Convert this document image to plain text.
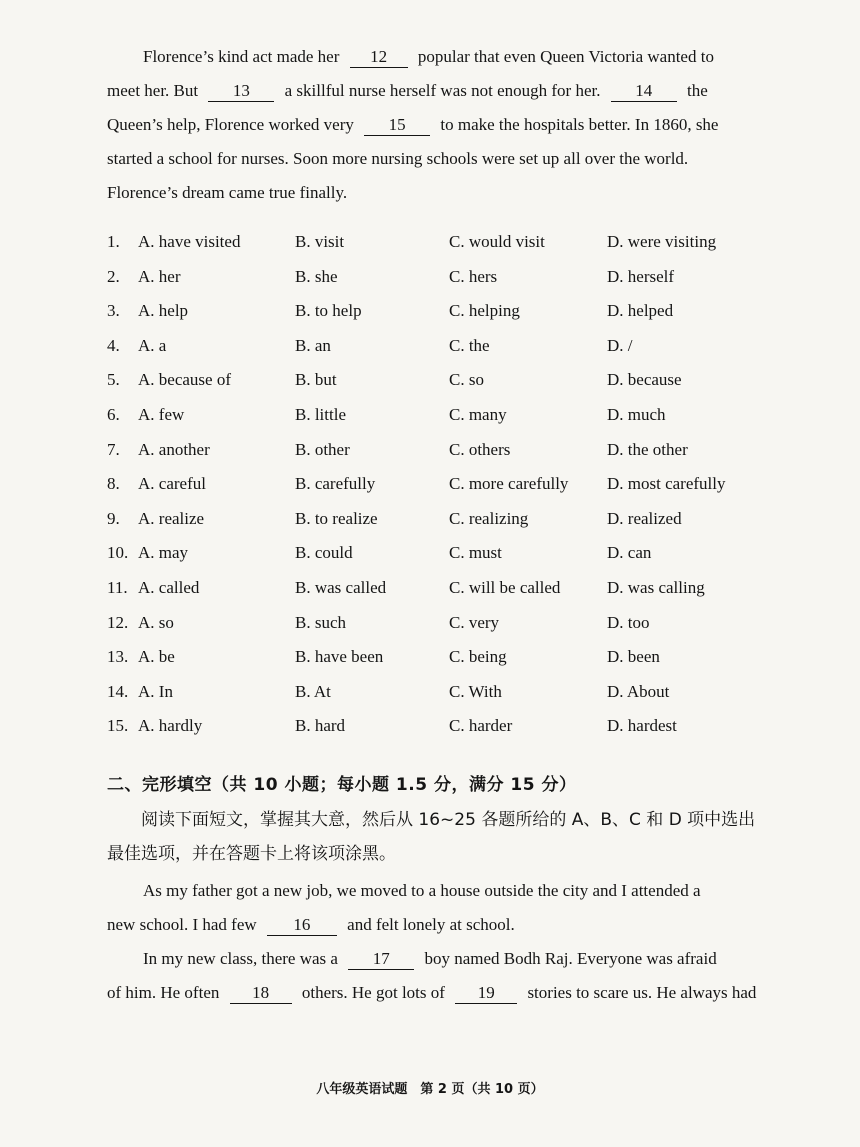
Florence’s kind act made her 12 popular that even Queen Victoria wanted to
meet her. But 13 a skillful nurse herself was not enough for her. 14 the
Queen’s help, Florence worked very 15 to make the hospitals better. In 1860, she
started a school for nurses. Soon more nursing schools were set up all over the world.
Florence’s dream came true finally.
1. A. have visited	B. visit	C. would visit	D. were visiting
2. A. her	B. she	C. hers	D. herself
3. A. help	B. to help	C. helping	D. helped
4. A. a	B. an	C. the	D. /
5. A. because of	B. but	C. so	D. because
6. A. few	B. little	C. many	D. much
7. A. another	B. other	C. others	D. the other
8. A. careful	B. carefully	C. more carefully D. most carefully
9. A. realize	B. to realize	C. realizing	D. realized
10. A. may	B. could	C. must	D. can
11. A. called	B. was called	C. will be called	D. was calling
12. A. so	B. such	C. very	D. too
13. A. be	B. have been	C. being	D. been
14. A. In	B. At	C. With	D. About
15. A. hardly	B. hard	C. harder	D. hardest
二、完形填空（共 10 小题；每小题 1.5 分，满分 15 分）
阅读下面短文，掌握其大意，然后从 16~25 各题所给的 A、B、C 和 D 项中选出
最佳选项，并在答题卡上将该项涂黑。
As my father got a new job, we moved to a house outside the city and I attended a
new school. I had few 16 and felt lonely at school.
In my new class, there was a 17 boy named Bodh Raj. Everyone was afraid
of him. He often 18 others. He got lots of 19 stories to scare us. He always had
八年级英语试题　第 2 页（共 10 页）
